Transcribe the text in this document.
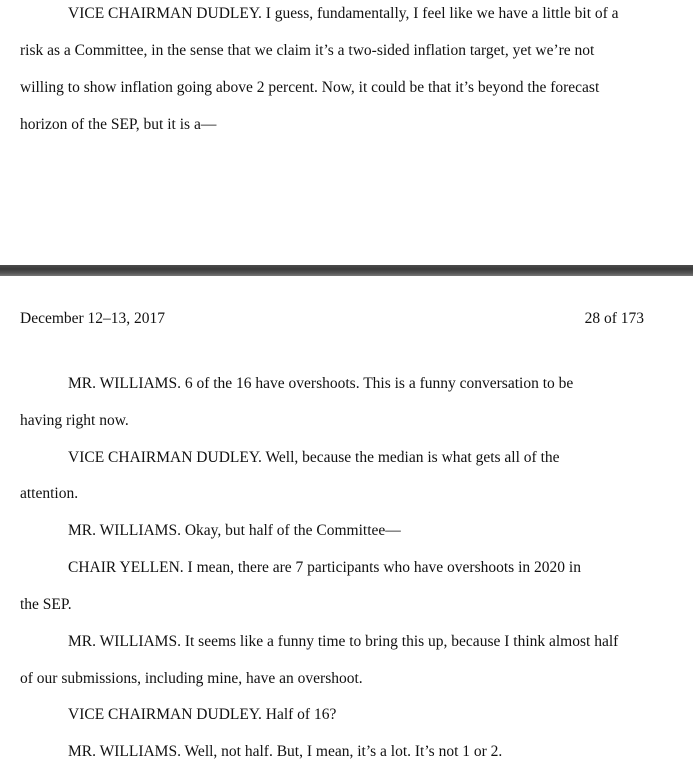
VICE CHAIRMAN DUDLEY. I guess, fundamentally, I feel like we have a little bit of a
risk as a Committee, in the sense that we claim it’s a two-sided inflation target, yet we’re not
willing to show inflation going above 2 percent. Now, it could be that it’s beyond the forecast
horizon of the SEP, but it is a—
December 12–13, 2017	28 of 173
MR. WILLIAMS. 6 of the 16 have overshoots. This is a funny conversation to be
having right now.
VICE CHAIRMAN DUDLEY. Well, because the median is what gets all of the
attention.
MR. WILLIAMS. Okay, but half of the Committee—
CHAIR YELLEN. I mean, there are 7 participants who have overshoots in 2020 in
the SEP.
MR. WILLIAMS. It seems like a funny time to bring this up, because I think almost half
of our submissions, including mine, have an overshoot.
VICE CHAIRMAN DUDLEY. Half of 16?
MR. WILLIAMS. Well, not half. But, I mean, it’s a lot. It’s not 1 or 2.
